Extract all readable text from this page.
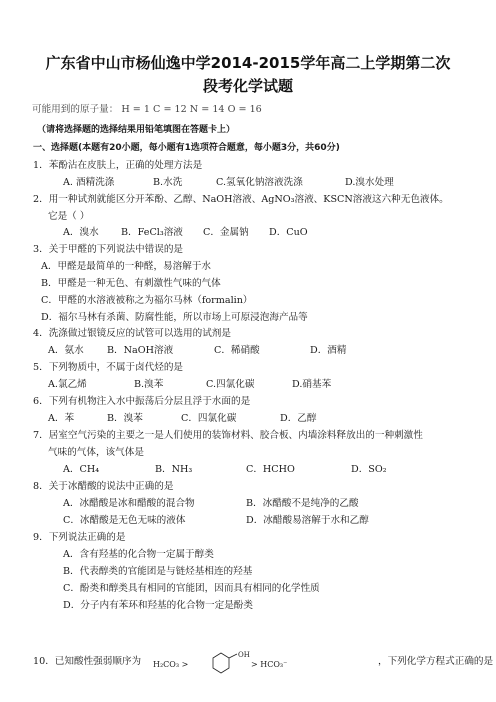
广东省中山市杨仙逸中学2014-2015学年高二上学期第二次
段考化学试题
可能用到的原子量： H = 1 C = 12 N = 14 O = 16
（请将选择题的选择结果用铅笔填图在答题卡上）
一、选择题(本题有20小题，每小题有1选项符合题意，每小题3分，共60分)
1．苯酚沾在皮肤上，正确的处理方法是
A. 酒精洗涤	B.水洗	C.氢氧化钠溶液洗涤	D.溴水处理
2．用一种试剂就能区分开苯酚、乙醇、NaOH溶液、AgNO₃溶液、KSCN溶液这六种无色液体。
它是（ ）
A．溴水 B．FeCl₃溶液 C．金属钠 D．CuO
3．关于甲醛的下列说法中错误的是
A．甲醛是最简单的一种醛，易溶解于水
B．甲醛是一种无色、有刺激性气味的气体
C．甲醛的水溶液被称之为福尔马林（formalin）
D．福尔马林有杀菌、防腐性能，所以市场上可原浸泡海产品等
4．洗涤做过银镜反应的试管可以选用的试剂是
A．氨水 B．NaOH溶液	C．稀硝酸	D．酒精
5．下列物质中，不属于卤代烃的是
A.氯乙烯	B.溴苯	C.四氯化碳	D.硝基苯
6．下列有机物注入水中振荡后分层且浮于水面的是
A．苯	B．溴苯	C．四氯化碳	D．乙醇
7．居室空气污染的主要之一是人们使用的装饰材料、胶合板、内墙涂料释放出的一种刺激性
气味的气体，该气体是
A．CH₄	B．NH₃	C．HCHO	D．SO₂
8．关于冰醋酸的说法中正确的是
A．冰醋酸是冰和醋酸的混合物	B．冰醋酸不是纯净的乙酸
C．冰醋酸是无色无味的液体	D．冰醋酸易溶解于水和乙醇
9．下列说法正确的是
A．含有羟基的化合物一定属于醇类
B．代表醇类的官能团是与链烃基相连的羟基
C．酚类和醇类具有相同的官能团，因而具有相同的化学性质
D．分子内有苯环和羟基的化合物一定是酚类
10．已知酸性强弱顺序为 H₂CO₃ >
OH
> HCO₃⁻	，下列化学方程式正确的是
